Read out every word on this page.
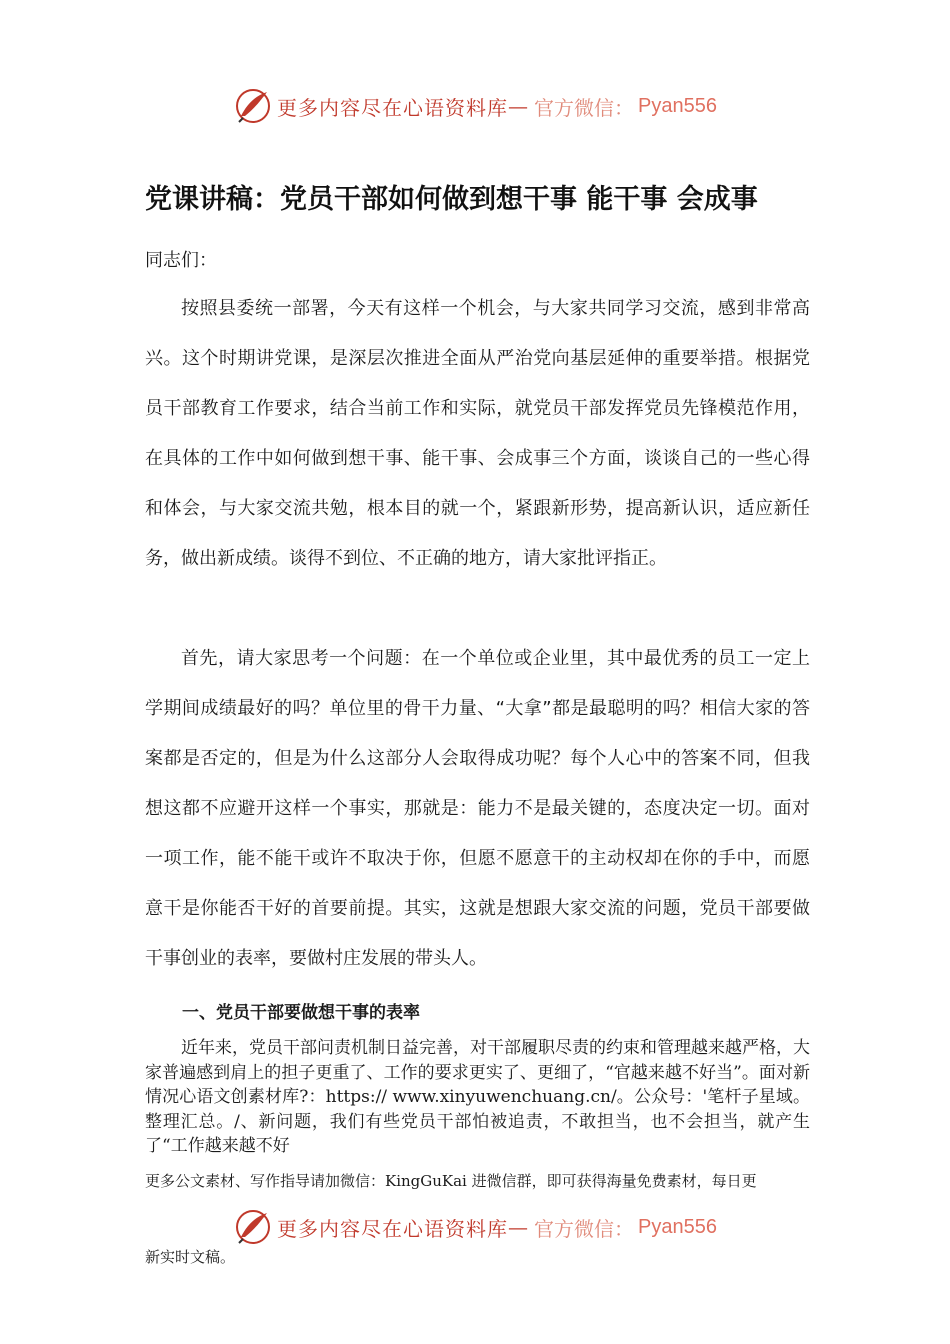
更多内容尽在心语资料库 — 官方微信： Pyan556
党课讲稿：党员干部如何做到想干事 能干事 会成事
同志们：

按照县委统一部署，今天有这样一个机会，与大家共同学习交流，感到非常高兴。这个时期讲党课，是深层次推进全面从严治党向基层延伸的重要举措。根据党员干部教育工作要求，结合当前工作和实际，就党员干部发挥党员先锋模范作用，在具体的工作中如何做到想干事、能干事、会成事三个方面，谈谈自己的一些心得和体会，与大家交流共勉，根本目的就一个，紧跟新形势，提高新认识，适应新任务，做出新成绩。谈得不到位、不正确的地方，请大家批评指正。

首先，请大家思考一个问题：在一个单位或企业里，其中最优秀的员工一定上学期间成绩最好的吗？单位里的骨干力量、“大拿”都是最聪明的吗？相信大家的答案都是否定的，但是为什么这部分人会取得成功呢？每个人心中的答案不同，但我想这都不应避开这样一个事实，那就是：能力不是最关键的，态度决定一切。面对一项工作，能不能干或许不取决于你，但愿不愿意干的主动权却在你的手中，而愿意干是你能否干好的首要前提。其实，这就是想跟大家交流的问题，党员干部要做干事创业的表率，要做村庄发展的带头人。

一、党员干部要做想干事的表率

近年来，党员干部问责机制日益完善，对干部履职尽责的约束和管理越来越严格，大家普遍感到肩上的担子更重了、工作的要求更实了、更细了，“官越来越不好当”。面对新情况心语文创素材库?：https:// www.xinyuwenchuang.cn/。公众号：'笔杆子星域。整理汇总。/、新问题，我们有些党员干部怕被追责，不敢担当，也不会担当，就产生了“工作越来越不好

更多公文素材、写作指导请加微信：KingGuKai 进微信群，即可获得海量免费素材，每日更
更多内容尽在心语资料库 — 官方微信： Pyan556
新实时文稿。
